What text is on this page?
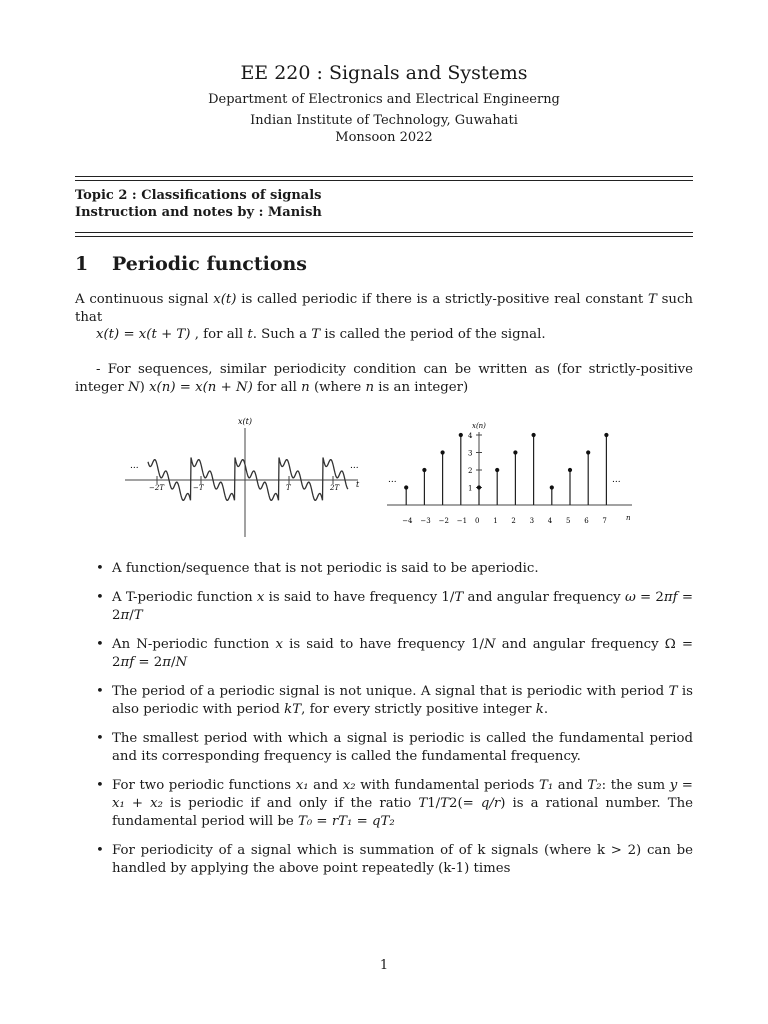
EE 220 : Signals and Systems
Department of Electronics and Electrical Engineerng
Indian Institute of Technology, Guwahati
Monsoon 2022
Topic 2 : Classifications of signals
Instruction and notes by : Manish
1 Periodic functions
A continuous signal x(t) is called periodic if there is a strictly-positive real constant T such that
x(t) = x(t + T) , for all t. Such a T is called the period of the signal.
- For sequences, similar periodicity condition can be written as (for strictly-positive integer N) x(n) = x(n + N) for all n (where n is an integer)
x(t)
t
...	...
−2T	−T	T	2T	1
2
3
4
−4 −3 −2 −1 0 1 2 3 4 5 6 7
x(n)
n
...	...
• A function/sequence that is not periodic is said to be aperiodic.
• A T-periodic function x is said to have frequency 1/T and angular frequency ω = 2πf = 2π/T
• An N-periodic function x is said to have frequency 1/N and angular frequency Ω = 2πf = 2π/N
• The period of a periodic signal is not unique. A signal that is periodic with period T is also periodic with period kT, for every strictly positive integer k.
• The smallest period with which a signal is periodic is called the fundamental period and its corresponding frequency is called the fundamental frequency.
• For two periodic functions x₁ and x₂ with fundamental periods T₁ and T₂: the sum y = x₁ + x₂ is periodic if and only if the ratio T1/T2(= q/r) is a rational number. The fundamental period will be T₀ = rT₁ = qT₂
• For periodicity of a signal which is summation of of k signals (where k > 2) can be handled by applying the above point repeatedly (k-1) times
1
